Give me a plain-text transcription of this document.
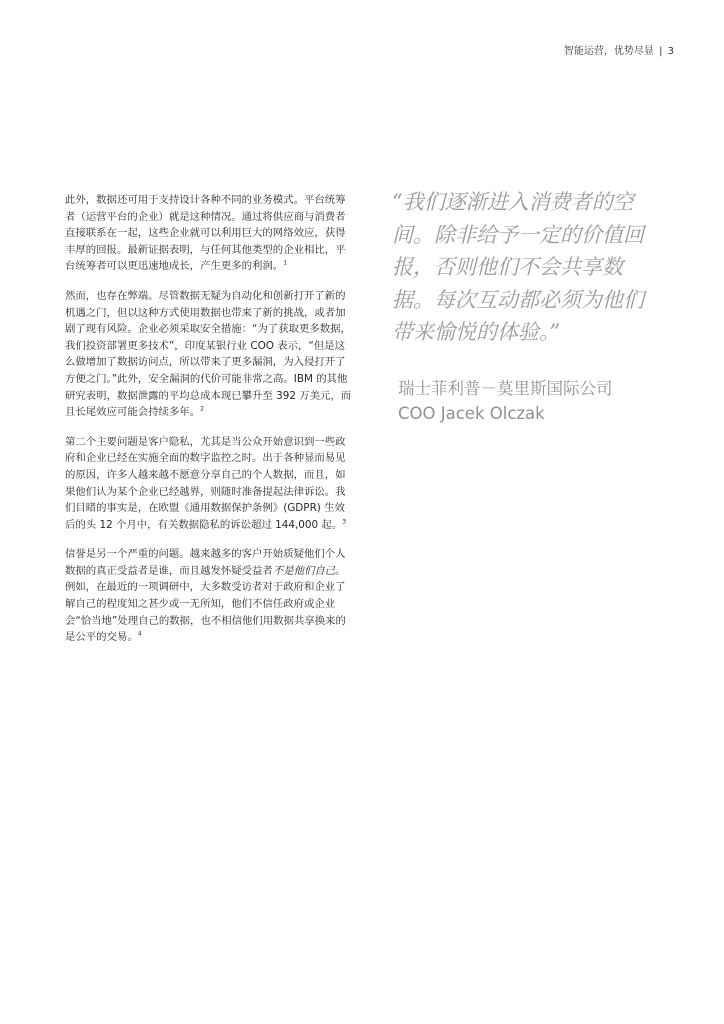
智能运营，优势尽显 | 3

此外，数据还可用于支持设计各种不同的业务模式。平台统筹者（运营平台的企业）就是这种情况。通过将供应商与消费者直接联系在一起，这些企业就可以利用巨大的网络效应，获得丰厚的回报。最新证据表明，与任何其他类型的企业相比，平台统筹者可以更迅速地成长，产生更多的利润。$^1$

然而，也存在弊端。尽管数据无疑为自动化和创新打开了新的机遇之门，但以这种方式使用数据也带来了新的挑战，或者加剧了现有风险。企业必须采取安全措施：“为了获取更多数据，我们投资部署更多技术”，印度某银行业 COO 表示，“但是这么做增加了数据访问点，所以带来了更多漏洞，为入侵打开了方便之门。”此外，安全漏洞的代价可能非常之高。IBM 的其他研究表明，数据泄露的平均总成本现已攀升至 392 万美元，而且长尾效应可能会持续多年。$^2$

第二个主要问题是客户隐私，尤其是当公众开始意识到一些政府和企业已经在实施全面的数字监控之时。出于各种显而易见的原因，许多人越来越不愿意分享自己的个人数据，而且，如果他们认为某个企业已经越界，则随时准备提起法律诉讼。我们目睹的事实是，在欧盟《通用数据保护条例》(GDPR) 生效后的头 12 个月中，有关数据隐私的诉讼超过 144,000 起。$^3$

信誉是另一个严重的问题。越来越多的客户开始质疑他们个人数据的真正受益者是谁，而且越发怀疑受益者不是他们自己。例如，在最近的一项调研中，大多数受访者对于政府和企业了解自己的程度知之甚少或一无所知，他们不信任政府或企业会“恰当地”处理自己的数据，也不相信他们用数据共享换来的是公平的交易。$^4$

“我们逐渐进入消费者的空间。除非给予一定的价值回报，否则他们不会共享数据。每次互动都必须为他们带来愉悦的体验。”
瑞士菲利普－莫里斯国际公司
COO Jacek Olczak
